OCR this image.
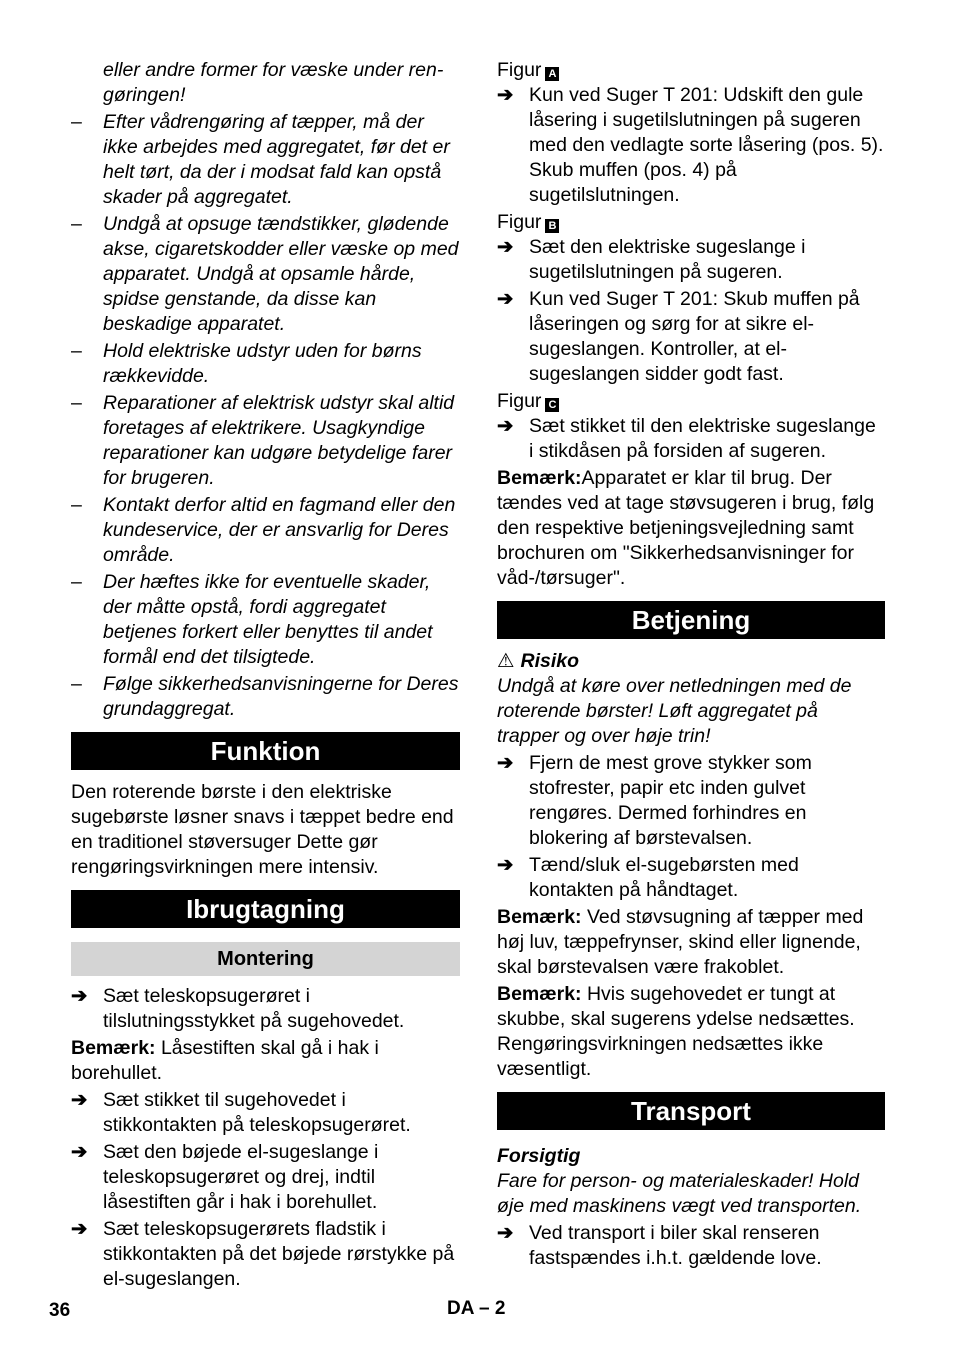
eller andre former for væske under ren-gøringen!

– Efter vådrengøring af tæpper, må der ikke arbejdes med aggregatet, før det er helt tørt, da der i modsat fald kan opstå skader på aggregatet.
– Undgå at opsuge tændstikker, glødende akse, cigaretskodder eller væske op med apparatet. Undgå at opsamle hårde, spidse genstande, da disse kan beskadige apparatet.
– Hold elektriske udstyr uden for børns rækkevidde.
– Reparationer af elektrisk udstyr skal altid foretages af elektrikere. Usagkyndige reparationer kan udgøre betydelige farer for brugeren.
– Kontakt derfor altid en fagmand eller den kundeservice, der er ansvarlig for Deres område.
– Der hæftes ikke for eventuelle skader, der måtte opstå, fordi aggregatet betjenes forkert eller benyttes til andet formål end det tilsigtede.
– Følge sikkerhedsanvisningerne for Deres grundaggregat.
Funktion

Den roterende børste i den elektriske sugebørste løsner snavs i tæppet bedre end en traditionel støversuger Dette gør rengøringsvirkningen mere intensiv.

Ibrugtagning
Montering
➔ Sæt teleskopsugerøret i tilslutningsstykket på sugehovedet.

Bemærk: Låsestiften skal gå i hak i borehullet.

➔ Sæt stikket til sugehovedet i stikkontakten på teleskopsugerøret.
➔ Sæt den bøjede el-sugeslange i teleskopsugerøret og drej, indtil låsestiften går i hak i borehullet.
➔ Sæt teleskopsugerørets fladstik i stikkontakten på det bøjede rørstykke på el-sugeslangen.

Figur A

➔ Kun ved Suger T 201: Udskift den gule låsering i sugetilslutningen på sugeren med den vedlagte sorte låsering (pos. 5). Skub muffen (pos. 4) på sugetilslutningen.

Figur B

➔ Sæt den elektriske sugeslange i sugetilslutningen på sugeren.
➔ Kun ved Suger T 201: Skub muffen på låseringen og sørg for at sikre el-sugeslangen. Kontroller, at el-sugeslangen sidder godt fast.

Figur C

➔ Sæt stikket til den elektriske sugeslange i stikdåsen på forsiden af sugeren.

Bemærk:Apparatet er klar til brug. Der tændes ved at tage støvsugeren i brug, følg den respektive betjeningsvejledning samt brochuren om "Sikkerhedsanvisninger for våd-/tørsuger".

Betjening

⚠ Risiko

Undgå at køre over netledningen med de roterende børster! Løft aggregatet på trapper og over høje trin!

➔ Fjern de mest grove stykker som stofrester, papir etc inden gulvet rengøres. Dermed forhindres en blokering af børstevalsen.
➔ Tænd/sluk el-sugebørsten med kontakten på håndtaget.

Bemærk: Ved støvsugning af tæpper med høj luv, tæppefrynser, skind eller lignende, skal børstevalsen være frakoblet.

Bemærk: Hvis sugehovedet er tungt at skubbe, skal sugerens ydelse nedsættes. Rengøringsvirkningen nedsættes ikke væsentligt.

Transport

Forsigtig

Fare for person- og materialeskader! Hold øje med maskinens vægt ved transporten.

➔ Ved transport i biler skal renseren fastspændes i.h.t. gældende love.
36	DA – 2
